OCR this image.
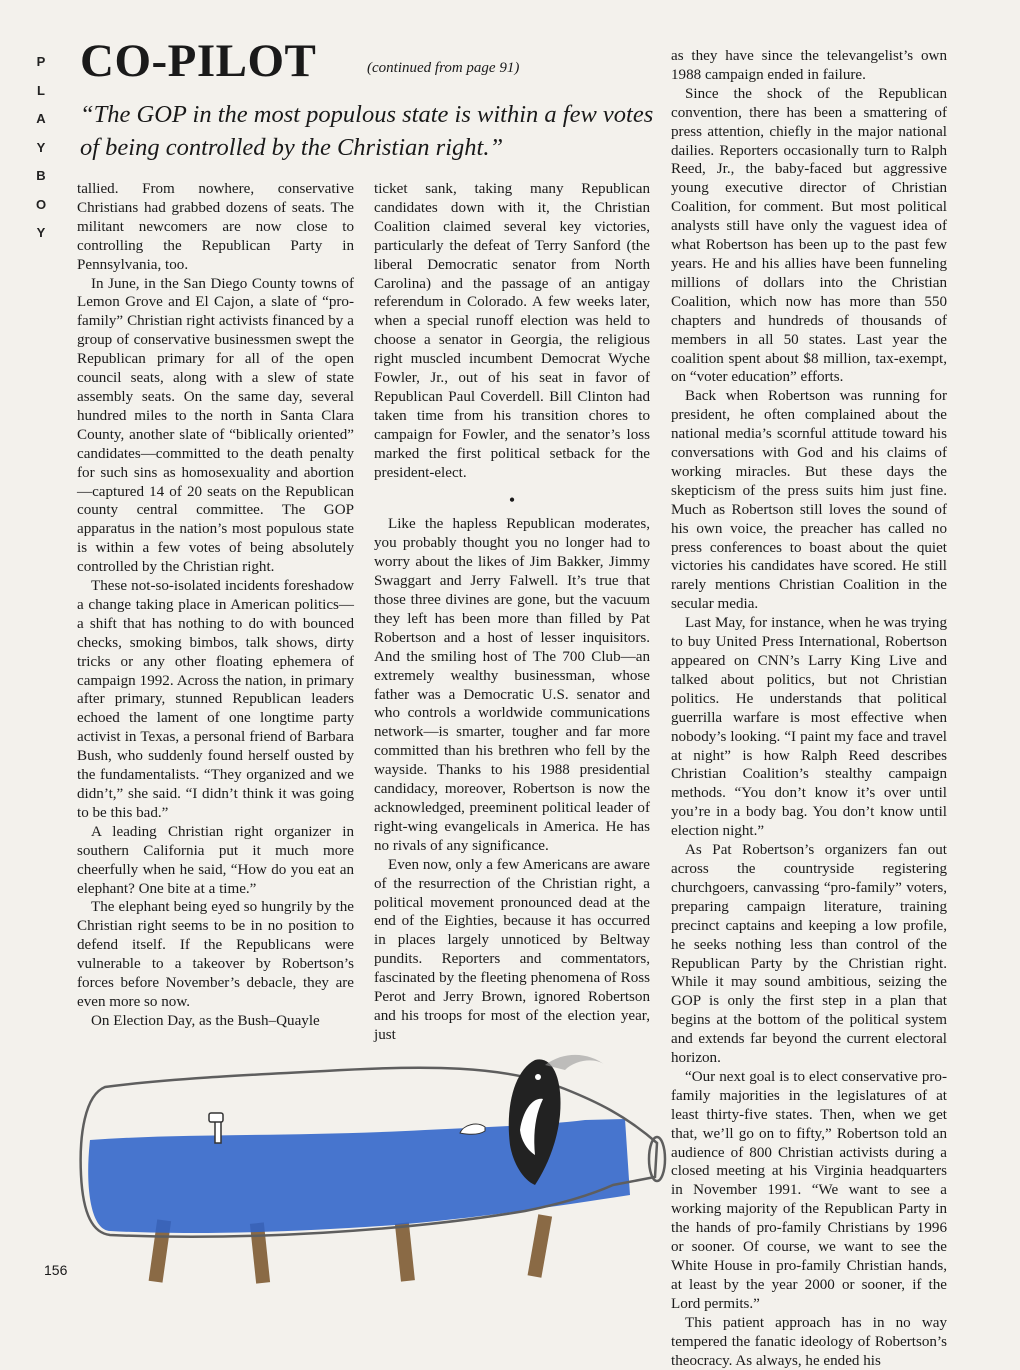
P
L
A
Y
B
O
Y
CO-PILOT	(continued from page 91)
“The GOP in the most populous state is within a few votes of being controlled by the Christian right.”

tallied. From nowhere, conservative Christians had grabbed dozens of seats. The militant newcomers are now close to controlling the Republican Party in Pennsylvania, too.

In June, in the San Diego County towns of Lemon Grove and El Cajon, a slate of “pro-family” Christian right activists financed by a group of conservative businessmen swept the Republican primary for all of the open council seats, along with a slew of state assembly seats. On the same day, several hundred miles to the north in Santa Clara County, another slate of “biblically oriented” candidates—committed to the death penalty for such sins as homosexuality and abortion—captured 14 of 20 seats on the Republican county central committee. The GOP apparatus in the nation’s most populous state is within a few votes of being absolutely controlled by the Christian right.

These not-so-isolated incidents foreshadow a change taking place in American politics—a shift that has nothing to do with bounced checks, smoking bimbos, talk shows, dirty tricks or any other floating ephemera of campaign 1992. Across the nation, in primary after primary, stunned Republican leaders echoed the lament of one longtime party activist in Texas, a personal friend of Barbara Bush, who suddenly found herself ousted by the fundamentalists. “They organized and we didn’t,” she said. “I didn’t think it was going to be this bad.”

A leading Christian right organizer in southern California put it much more cheerfully when he said, “How do you eat an elephant? One bite at a time.”

The elephant being eyed so hungrily by the Christian right seems to be in no position to defend itself. If the Republicans were vulnerable to a takeover by Robertson’s forces before November’s debacle, they are even more so now.

On Election Day, as the Bush–Quayle

ticket sank, taking many Republican candidates down with it, the Christian Coalition claimed several key victories, particularly the defeat of Terry Sanford (the liberal Democratic senator from North Carolina) and the passage of an antigay referendum in Colorado. A few weeks later, when a special runoff election was held to choose a senator in Georgia, the religious right muscled incumbent Democrat Wyche Fowler, Jr., out of his seat in favor of Republican Paul Coverdell. Bill Clinton had taken time from his transition chores to campaign for Fowler, and the senator’s loss marked the first political setback for the president-elect.

•

Like the hapless Republican moderates, you probably thought you no longer had to worry about the likes of Jim Bakker, Jimmy Swaggart and Jerry Falwell. It’s true that those three divines are gone, but the vacuum they left has been more than filled by Pat Robertson and a host of lesser inquisitors. And the smiling host of The 700 Club—an extremely wealthy businessman, whose father was a Democratic U.S. senator and who controls a worldwide communications network—is smarter, tougher and far more committed than his brethren who fell by the wayside. Thanks to his 1988 presidential candidacy, moreover, Robertson is now the acknowledged, preeminent political leader of right-wing evangelicals in America. He has no rivals of any significance.

Even now, only a few Americans are aware of the resurrection of the Christian right, a political movement pronounced dead at the end of the Eighties, because it has occurred in places largely unnoticed by Beltway pundits. Reporters and commentators, fascinated by the fleeting phenomena of Ross Perot and Jerry Brown, ignored Robertson and his troops for most of the election year, just

as they have since the televangelist’s own 1988 campaign ended in failure.

Since the shock of the Republican convention, there has been a smattering of press attention, chiefly in the major national dailies. Reporters occasionally turn to Ralph Reed, Jr., the baby-faced but aggressive young executive director of Christian Coalition, for comment. But most political analysts still have only the vaguest idea of what Robertson has been up to the past few years. He and his allies have been funneling millions of dollars into the Christian Coalition, which now has more than 550 chapters and hundreds of thousands of members in all 50 states. Last year the coalition spent about $8 million, tax-exempt, on “voter education” efforts.

Back when Robertson was running for president, he often complained about the national media’s scornful attitude toward his conversations with God and his claims of working miracles. But these days the skepticism of the press suits him just fine. Much as Robertson still loves the sound of his own voice, the preacher has called no press conferences to boast about the quiet victories his candidates have scored. He still rarely mentions Christian Coalition in the secular media.

Last May, for instance, when he was trying to buy United Press International, Robertson appeared on CNN’s Larry King Live and talked about politics, but not Christian politics. He understands that political guerrilla warfare is most effective when nobody’s looking. “I paint my face and travel at night” is how Ralph Reed describes Christian Coalition’s stealthy campaign methods. “You don’t know it’s over until you’re in a body bag. You don’t know until election night.”

As Pat Robertson’s organizers fan out across the countryside registering churchgoers, canvassing “pro-family” voters, preparing campaign literature, training precinct captains and keeping a low profile, he seeks nothing less than control of the Republican Party by the Christian right. While it may sound ambitious, seizing the GOP is only the first step in a plan that begins at the bottom of the political system and extends far beyond the current electoral horizon.

“Our next goal is to elect conservative pro-family majorities in the legislatures of at least thirty-five states. Then, when we get that, we’ll go on to fifty,” Robertson told an audience of 800 Christian activists during a closed meeting at his Virginia headquarters in November 1991. “We want to see a working majority of the Republican Party in the hands of pro-family Christians by 1996 or sooner. Of course, we want to see the White House in pro-family Christian hands, at least by the year 2000 or sooner, if the Lord permits.”

This patient approach has in no way tempered the fanatic ideology of Robertson’s theocracy. As always, he ended his

156
